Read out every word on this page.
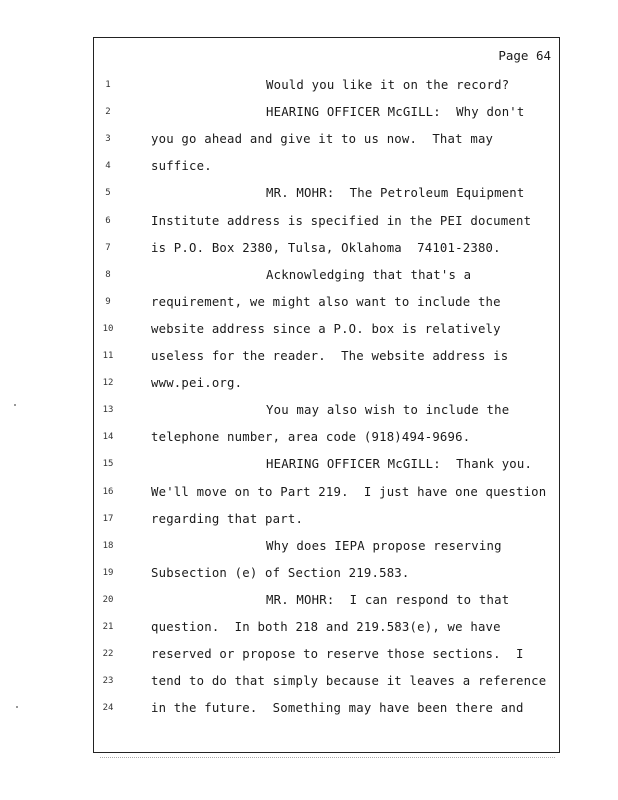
Page 64
1	Would you like it on the record?
2	HEARING OFFICER McGILL:  Why don't
3	you go ahead and give it to us now.  That may
4	suffice.
5	MR. MOHR:  The Petroleum Equipment
6	Institute address is specified in the PEI document
7	is P.O. Box 2380, Tulsa, Oklahoma  74101-2380.
8	Acknowledging that that's a
9	requirement, we might also want to include the
10	website address since a P.O. box is relatively
11	useless for the reader.  The website address is
12	www.pei.org.
13	You may also wish to include the
14	telephone number, area code (918)494-9696.
15	HEARING OFFICER McGILL:  Thank you.
16	We'll move on to Part 219.  I just have one question
17	regarding that part.
18	Why does IEPA propose reserving
19	Subsection (e) of Section 219.583.
20	MR. MOHR:  I can respond to that
21	question.  In both 218 and 219.583(e), we have
22	reserved or propose to reserve those sections.  I
23	tend to do that simply because it leaves a reference
24	in the future.  Something may have been there and
